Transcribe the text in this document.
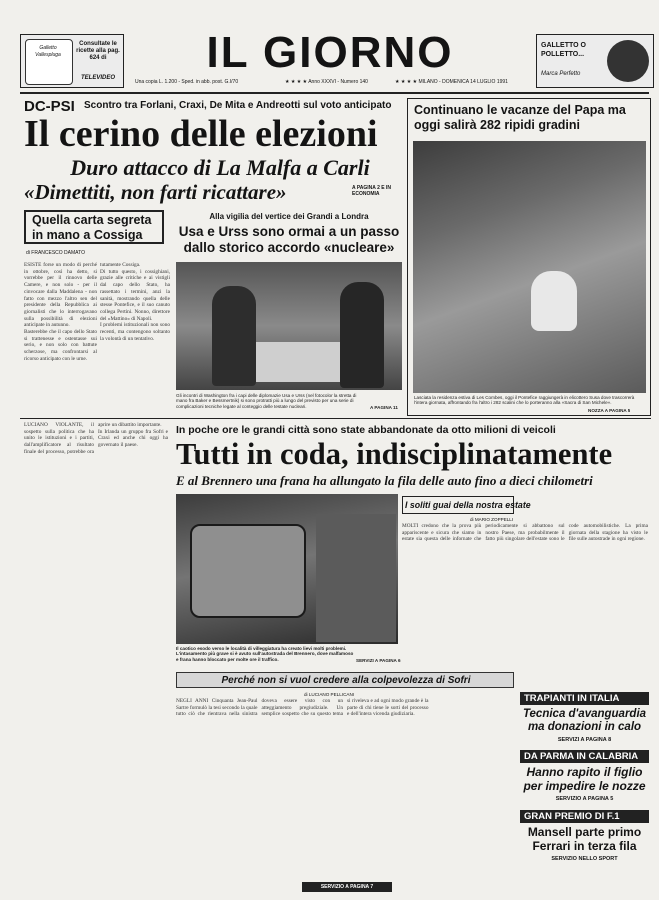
Galletto Vallespluga
Consultate le ricette alla pag. 624 di
TELEVIDEO
IL GIORNO	GALLETTO O POLLETTO...
Marca Perfetto
Una copia L. 1.200 - Sped. in abb. post. G.I/70	★ ★ ★ ★ Anno XXXVI - Numero 140	★ ★ ★ ★ MILANO - DOMENICA 14 LUGLIO 1991
DC-PSI Scontro tra Forlani, Craxi, De Mita e Andreotti sul voto anticipato
Il cerino delle elezioni
Duro attacco di La Malfa a Carli
«Dimettiti, non farti ricattare»	A PAGINA 2 E IN ECONOMIA
Continuano le vacanze del Papa ma oggi salirà 282 ripidi gradini
Lasciata la residenza estiva di Les Combes, oggi il Pontefice raggiungerà in elicottero Susa dove trascorrerà l'intera giornata, affrontando fra l'altro i 282 scalini che lo porteranno alla «Sacra di San Michele».
NOZZA A PAGINA 5
Quella carta segreta in mano a Cossiga
di FRANCESCO DAMATO
ESISTE forse un modo di perché in ottobre, così ha detto, si vorrebbe per il rinnovo delle Camere, e non solo - per il cinvocare dalla Maddalena - non fatto con mezzo l'altro sen del presidente della Repubblica ai giornalisti che lo interrogavano sulla possibilità di elezioni anticipate in autunno.
Basterebbe che il capo dello Stato si trattenesse e ostentasse sui serio, e non solo con battute scherzose, ma confrontarsi al ricorso anticipato con le urne.
tutamente Cossiga.
Di tutto questo, i cossighiani, grazie alle critiche e ai vistigli dal capo dello Stato, ha rassettato i termini, anzi la sanità, mostrando quella delle stesse Pontefice, e il suo canuto collega Pertini. Nonno, direttore del «Mattino» di Napoli.
I problemi istituzionali non sono recenti, ma contengono soltanto la volontà di un tentativo.
Alla vigilia del vertice dei Grandi a Londra
Usa e Urss sono ormai a un passo dallo storico accordo «nucleare»
Gli incontri di Washington fra i capi delle diplomazie Usa e Urss (nel fotocolor la stretta di mano fra Baker e Bessmertnik) si sono protratti più a lungo del previsto per una serie di complicazioni tecniche legate al conteggio delle testate nucleari.	A PAGINA 11
LUCIANO VIOLANTE, il sospetto sulla politica che ha unito le istituzioni e i partiti, dall'amplificatore al risultato finale del processo, potrebbe ora aprire un dibattito importante.
In Irlanda un gruppo fra Sofri e Craxi ed anche chi oggi ha governato il paese.
In poche ore le grandi città sono state abbandonate da otto milioni di veicoli
Tutti in coda, indisciplinatamente
E al Brennero una frana ha allungato la fila delle auto fino a dieci chilometri
Il caotico esodo verso le località di villeggiatura ha creato lievi molti problemi. L'intasamento più grave si è avuto sull'autostrada del Brennero, dove malfamoso e frana hanno bloccato per molte ore il traffico.	SERVIZI A PAGINA 6
I soliti guai della nostra estate
di MARIO ZOPPELLI
MOLTI credono che la prova più appariscente e sicura che siamo in estate sia questa delle infornate che periodicamente si abbattono sul nostro Paese, ma probabilmente il fatto più singolare dell'estate sono le code automobilistiche. La prima giornata della stagione ha visto le file sulle autostrade in ogni regione.
Perché non si vuol credere alla colpevolezza di Sofri
di LUCIANO PELLICANI
NEGLI ANNI Cinquanta Jean-Paul Sartre formulò la tesi secondo la quale tutto ciò che rientrava nella sinistra doveva essere visto con un atteggiamento pregiudiziale. Un semplice sospetto che su questo tema si riveleva e ad ogni modo grande è la parte di chi tiene le sorti del processo e dell'intera vicenda giudiziaria.
SERVIZIO A PAGINA 7
TRAPIANTI IN ITALIA
Tecnica d'avanguardia ma donazioni in calo
SERVIZI A PAGINA 8
DA PARMA IN CALABRIA
Hanno rapito il figlio per impedire le nozze
SERVIZIO A PAGINA 5
GRAN PREMIO DI F.1
Mansell parte primo Ferrari in terza fila
SERVIZIO NELLO SPORT
